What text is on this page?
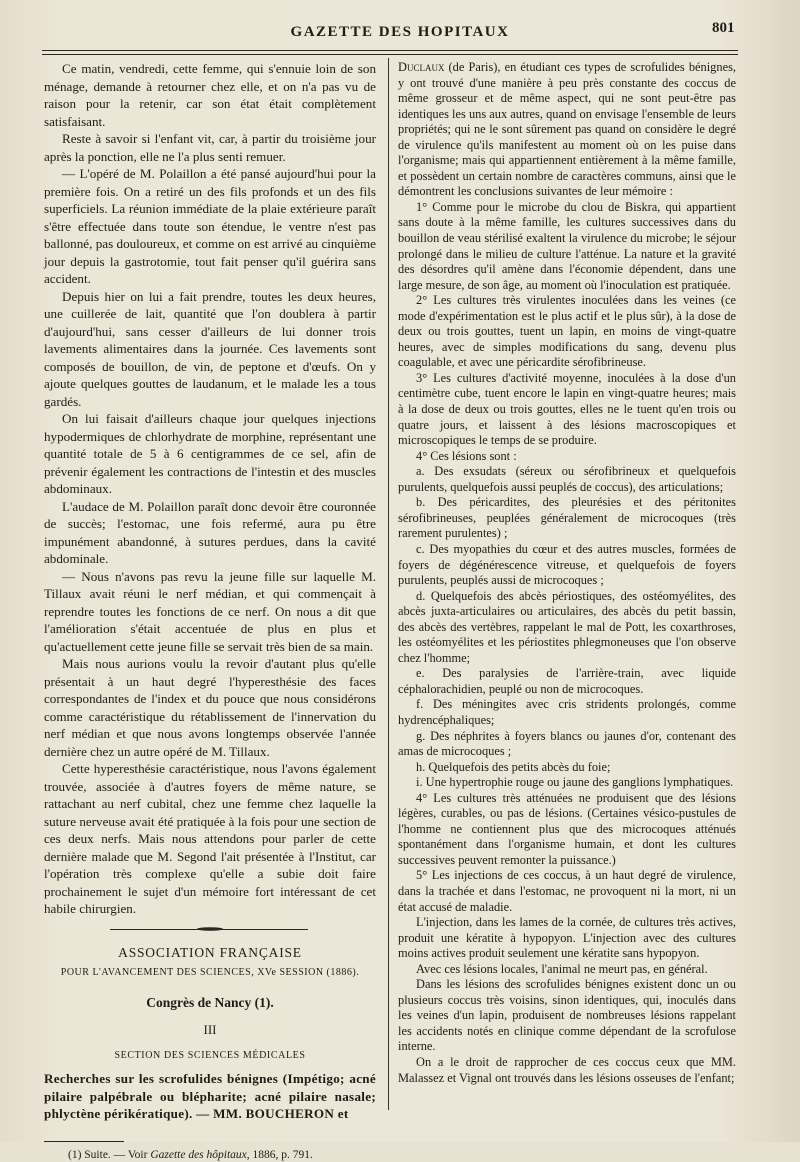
GAZETTE DES HOPITAUX	801

Ce matin, vendredi, cette femme, qui s'ennuie loin de son ménage, demande à retourner chez elle, et on n'a pas vu de raison pour la retenir, car son état était complètement satisfaisant.

Reste à savoir si l'enfant vit, car, à partir du troisième jour après la ponction, elle ne l'a plus senti remuer.

— L'opéré de M. Polaillon a été pansé aujourd'hui pour la première fois. On a retiré un des fils profonds et un des fils superficiels. La réunion immédiate de la plaie extérieure paraît s'être effectuée dans toute son étendue, le ventre n'est pas ballonné, pas douloureux, et comme on est arrivé au cinquième jour depuis la gastrotomie, tout fait penser qu'il guérira sans accident.

Depuis hier on lui a fait prendre, toutes les deux heures, une cuillerée de lait, quantité que l'on doublera à partir d'aujourd'hui, sans cesser d'ailleurs de lui donner trois lavements alimentaires dans la journée. Ces lavements sont composés de bouillon, de vin, de peptone et d'œufs. On y ajoute quelques gouttes de laudanum, et le malade les a tous gardés.

On lui faisait d'ailleurs chaque jour quelques injections hypodermiques de chlorhydrate de morphine, représentant une quantité totale de 5 à 6 centigrammes de ce sel, afin de prévenir également les contractions de l'intestin et des muscles abdominaux.

L'audace de M. Polaillon paraît donc devoir être couronnée de succès; l'estomac, une fois refermé, aura pu être impunément abandonné, à sutures perdues, dans la cavité abdominale.

— Nous n'avons pas revu la jeune fille sur laquelle M. Tillaux avait réuni le nerf médian, et qui commençait à reprendre toutes les fonctions de ce nerf. On nous a dit que l'amélioration s'était accentuée de plus en plus et qu'actuellement cette jeune fille se servait très bien de sa main.

Mais nous aurions voulu la revoir d'autant plus qu'elle présentait à un haut degré l'hyperesthésie des faces correspondantes de l'index et du pouce que nous considérons comme caractéristique du rétablissement de l'innervation du nerf médian et que nous avons longtemps observée l'année dernière chez un autre opéré de M. Tillaux.

Cette hyperesthésie caractéristique, nous l'avons également trouvée, associée à d'autres foyers de même nature, se rattachant au nerf cubital, chez une femme chez laquelle la suture nerveuse avait été pratiquée à la fois pour une section de ces deux nerfs. Mais nous attendons pour parler de cette dernière malade que M. Segond l'ait présentée à l'Institut, car l'opération très complexe qu'elle a subie doit faire prochainement le sujet d'un mémoire fort intéressant de cet habile chirurgien.

ASSOCIATION FRANÇAISE
POUR L'AVANCEMENT DES SCIENCES, XVe SESSION (1886).
Congrès de Nancy (1).
III
SECTION DES SCIENCES MÉDICALES

Recherches sur les scrofulides bénignes (Impétigo; acné pilaire palpébrale ou blépharite; acné pilaire nasale; phlyctène périkératique). — MM. BOUCHERON et

(1) Suite. — Voir Gazette des hôpitaux, 1886, p. 791.

Duclaux (de Paris), en étudiant ces types de scrofulides bénignes, y ont trouvé d'une manière à peu près constante des coccus de même grosseur et de même aspect, qui ne sont peut-être pas identiques les uns aux autres, quand on envisage l'ensemble de leurs propriétés; qui ne le sont sûrement pas quand on considère le degré de virulence qu'ils manifestent au moment où on les puise dans l'organisme; mais qui appartiennent entièrement à la même famille, et possèdent un certain nombre de caractères communs, ainsi que le démontrent les conclusions suivantes de leur mémoire :

1° Comme pour le microbe du clou de Biskra, qui appartient sans doute à la même famille, les cultures successives dans du bouillon de veau stérilisé exaltent la virulence du microbe; le séjour prolongé dans le milieu de culture l'atténue. La nature et la gravité des désordres qu'il amène dans l'économie dépendent, dans une large mesure, de son âge, au moment où l'inoculation est pratiquée.

2° Les cultures très virulentes inoculées dans les veines (ce mode d'expérimentation est le plus actif et le plus sûr), à la dose de deux ou trois gouttes, tuent un lapin, en moins de vingt-quatre heures, avec de simples modifications du sang, devenu plus coagulable, et avec une péricardite sérofibrineuse.

3° Les cultures d'activité moyenne, inoculées à la dose d'un centimètre cube, tuent encore le lapin en vingt-quatre heures; mais à la dose de deux ou trois gouttes, elles ne le tuent qu'en trois ou quatre jours, et laissent à des lésions macroscopiques et microscopiques le temps de se produire.

4° Ces lésions sont :

a. Des exsudats (séreux ou sérofibrineux et quelquefois purulents, quelquefois aussi peuplés de coccus), des articulations;

b. Des péricardites, des pleurésies et des péritonites sérofibrineuses, peuplées généralement de microcoques (très rarement purulentes) ;

c. Des myopathies du cœur et des autres muscles, formées de foyers de dégénérescence vitreuse, et quelquefois de foyers purulents, peuplés aussi de microcoques ;

d. Quelquefois des abcès périostiques, des ostéomyélites, des abcès juxta-articulaires ou articulaires, des abcès du petit bassin, des abcès des vertèbres, rappelant le mal de Pott, les coxarthroses, les ostéomyélites et les périostites phlegmoneuses que l'on observe chez l'homme;

e. Des paralysies de l'arrière-train, avec liquide céphalorachidien, peuplé ou non de microcoques.

f. Des méningites avec cris stridents prolongés, comme hydrencéphaliques;

g. Des néphrites à foyers blancs ou jaunes d'or, contenant des amas de microcoques ;

h. Quelquefois des petits abcès du foie;

i. Une hypertrophie rouge ou jaune des ganglions lymphatiques.

4° Les cultures très atténuées ne produisent que des lésions légères, curables, ou pas de lésions. (Certaines vésico-pustules de l'homme ne contiennent plus que des microcoques atténués spontanément dans l'organisme humain, et dont les cultures successives peuvent remonter la puissance.)

5° Les injections de ces coccus, à un haut degré de virulence, dans la trachée et dans l'estomac, ne provoquent ni la mort, ni un état accusé de maladie.

L'injection, dans les lames de la cornée, de cultures très actives, produit une kératite à hypopyon. L'injection avec des cultures moins actives produit seulement une kératite sans hypopyon.

Avec ces lésions locales, l'animal ne meurt pas, en général.

Dans les lésions des scrofulides bénignes existent donc un ou plusieurs coccus très voisins, sinon identiques, qui, inoculés dans les veines d'un lapin, produisent de nombreuses lésions rappelant les accidents notés en clinique comme dépendant de la scrofulose interne.

On a le droit de rapprocher de ces coccus ceux que MM. Malassez et Vignal ont trouvés dans les lésions osseuses de l'enfant;
